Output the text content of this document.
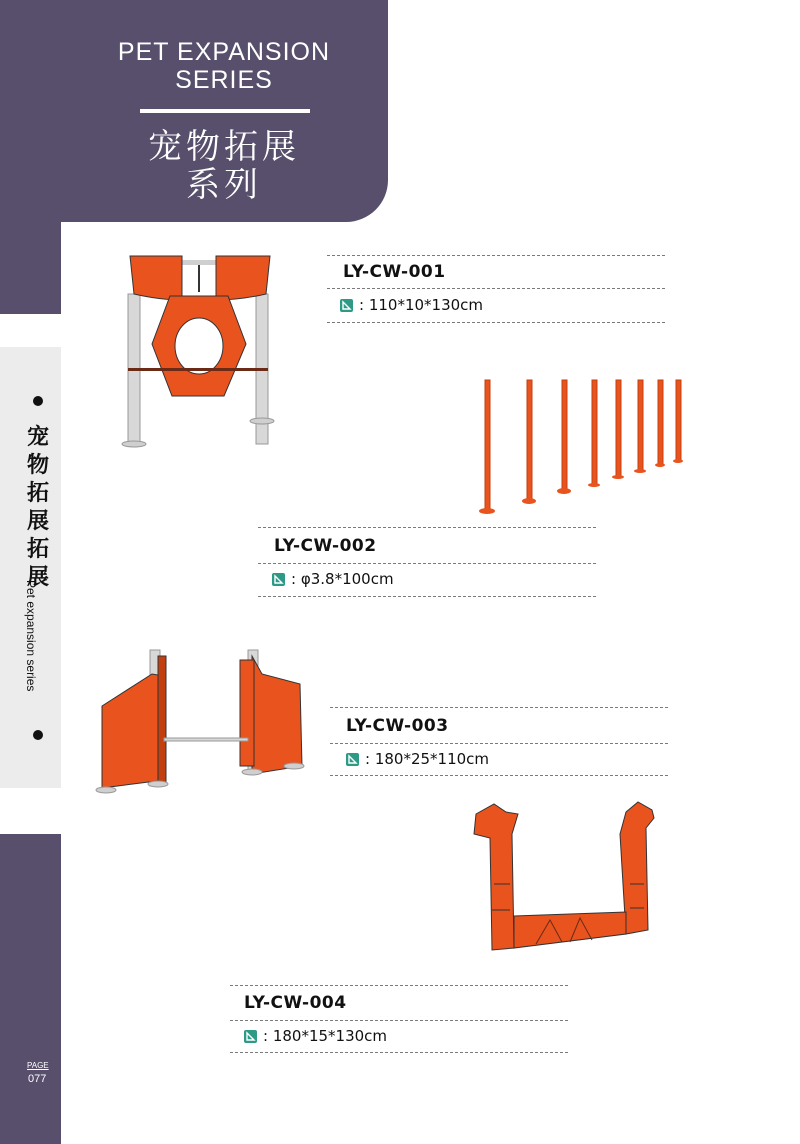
PET EXPANSION
SERIES
宠物拓展
系列
宠
物
拓
展
拓
展
Pet expansion series
PAGE
077
LY-CW-001
: 110*10*130cm
LY-CW-002
: φ3.8*100cm
LY-CW-003
: 180*25*110cm
LY-CW-004
: 180*15*130cm
